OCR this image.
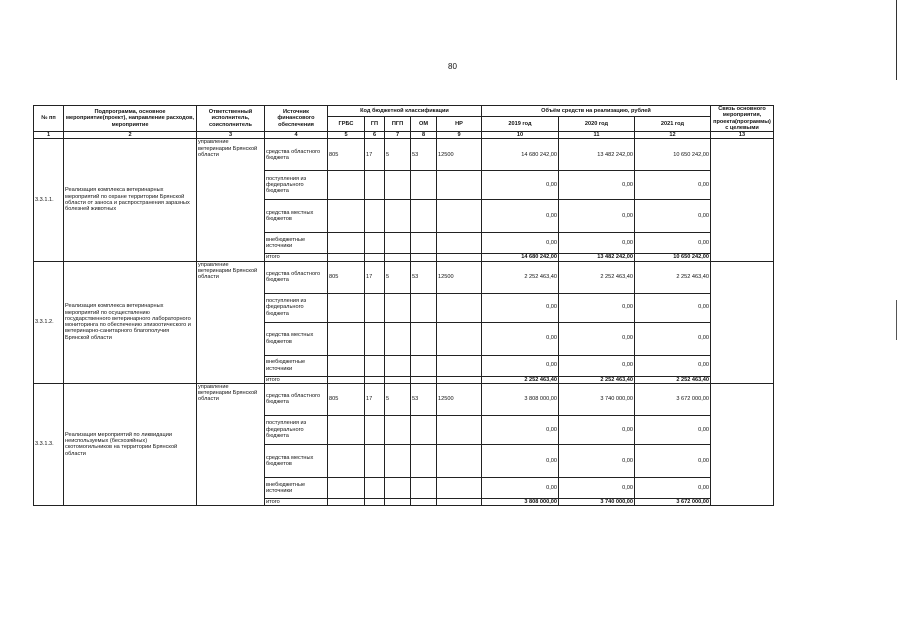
80
№ пп	Подпрограмма, основное мероприятие(проект), направление расходов, мероприятие	Ответственный исполнитель, соисполнитель	Источник финансового обеспечения	Код бюджетной классификации					Объём средств на реализацию, рублей			Связь основного мероприятия, проекта(программы) с целевыми
				ГРБС	ГП	ПГП	ОМ	НР	2019 год	2020 год	2021 год	
1	2	3	4	5	6	7	8	9	10	11	12	13
3.3.1.1.	Реализация комплекса ветеринарных мероприятий по охране территории Брянской области от заноса и распространения заразных болезней животных	управление ветеринарии Брянской области	средства областного бюджета	805	17	5	53	12500	14 680 242,00	13 482 242,00	10 650 242,00	
			поступления из федерального бюджета						0,00	0,00	0,00	
			средства местных бюджетов						0,00	0,00	0,00	
			внебюджетные источники						0,00	0,00	0,00	
			итого						14 680 242,00	13 482 242,00	10 650 242,00	
3.3.1.2.	Реализация комплекса ветеринарных мероприятий по осуществлению государственного ветеринарного лабораторного мониторинга по обеспечению эпизоотического и ветеринарно-санитарного благополучия Брянской области	управление ветеринарии Брянской области	средства областного бюджета	805	17	5	53	12500	2 252 463,40	2 252 463,40	2 252 463,40	
			поступления из федерального бюджета						0,00	0,00	0,00	
			средства местных бюджетов						0,00	0,00	0,00	
			внебюджетные источники						0,00	0,00	0,00	
			итого						2 252 463,40	2 252 463,40	2 252 463,40	
3.3.1.3.	Реализация мероприятий по ликвидации неиспользуемых (бесхозяйных) скотомогильников на территории Брянской области	управление ветеринарии Брянской области	средства областного бюджета	805	17	5	53	12500	3 808 000,00	3 740 000,00	3 672 000,00	
			поступления из федерального бюджета						0,00	0,00	0,00	
			средства местных бюджетов						0,00	0,00	0,00	
			внебюджетные источники						0,00	0,00	0,00	
			итого						3 808 000,00	3 740 000,00	3 672 000,00	
